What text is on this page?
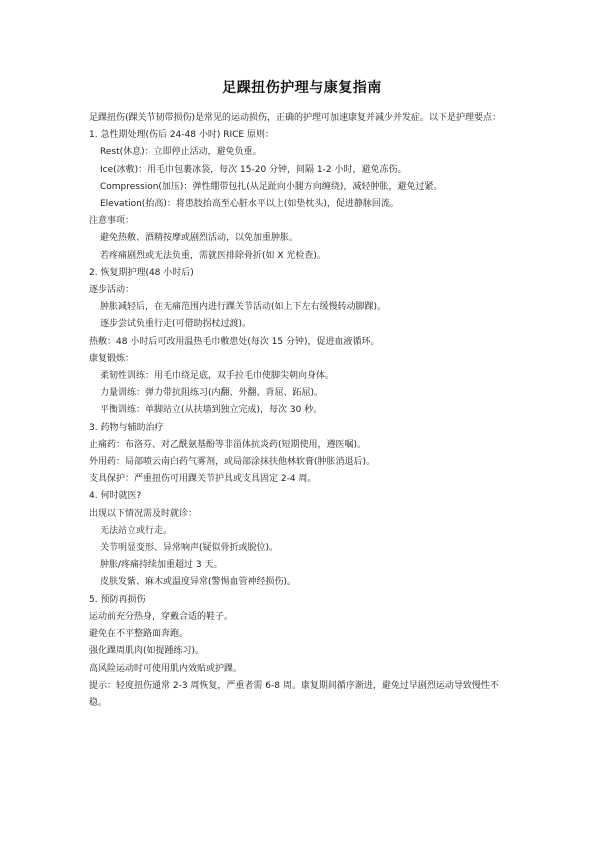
足踝扭伤护理与康复指南
足踝扭伤(踝关节韧带损伤)是常见的运动损伤，正确的护理可加速康复并减少并发症。以下是护理要点：
1. 急性期处理(伤后 24-48 小时) RICE 原则：
Rest(休息)：立即停止活动，避免负重。
Ice(冰敷)：用毛巾包裹冰袋，每次 15-20 分钟，间隔 1-2 小时，避免冻伤。
Compression(加压)：弹性绷带包扎(从足趾向小腿方向缠绕)，减轻肿胀，避免过紧。
Elevation(抬高)：将患肢抬高至心脏水平以上(如垫枕头)，促进静脉回流。
注意事项：
避免热敷、酒精按摩或剧烈活动，以免加重肿胀。
若疼痛剧烈或无法负重，需就医排除骨折(如 X 光检查)。
2. 恢复期护理(48 小时后)
逐步活动：
肿胀减轻后，在无痛范围内进行踝关节活动(如上下左右缓慢转动脚踝)。
逐步尝试负重行走(可借助拐杖过渡)。
热敷：48 小时后可改用温热毛巾敷患处(每次 15 分钟)，促进血液循环。
康复锻炼：
柔韧性训练：用毛巾绕足底，双手拉毛巾使脚尖朝向身体。
力量训练：弹力带抗阻练习(内翻、外翻、背屈、跖屈)。
平衡训练：单脚站立(从扶墙到独立完成)，每次 30 秒。
3. 药物与辅助治疗
止痛药：布洛芬、对乙酰氨基酚等非甾体抗炎药(短期使用，遵医嘱)。
外用药：局部喷云南白药气雾剂，或局部涂抹扶他林软膏(肿胀消退后)。
支具保护：严重扭伤可用踝关节护具或支具固定 2-4 周。
4. 何时就医?
出现以下情况需及时就诊：
无法站立或行走。
关节明显变形、异常响声(疑似骨折或脱位)。
肿胀/疼痛持续加重超过 3 天。
皮肤发紫、麻木或温度异常(警惕血管神经损伤)。
5. 预防再损伤
运动前充分热身，穿戴合适的鞋子。
避免在不平整路面奔跑。
强化踝周肌肉(如提踵练习)。
高风险运动时可使用肌内效贴或护踝。
提示：轻度扭伤通常 2-3 周恢复，严重者需 6-8 周。康复期间循序渐进，避免过早剧烈运动导致慢性不稳。
